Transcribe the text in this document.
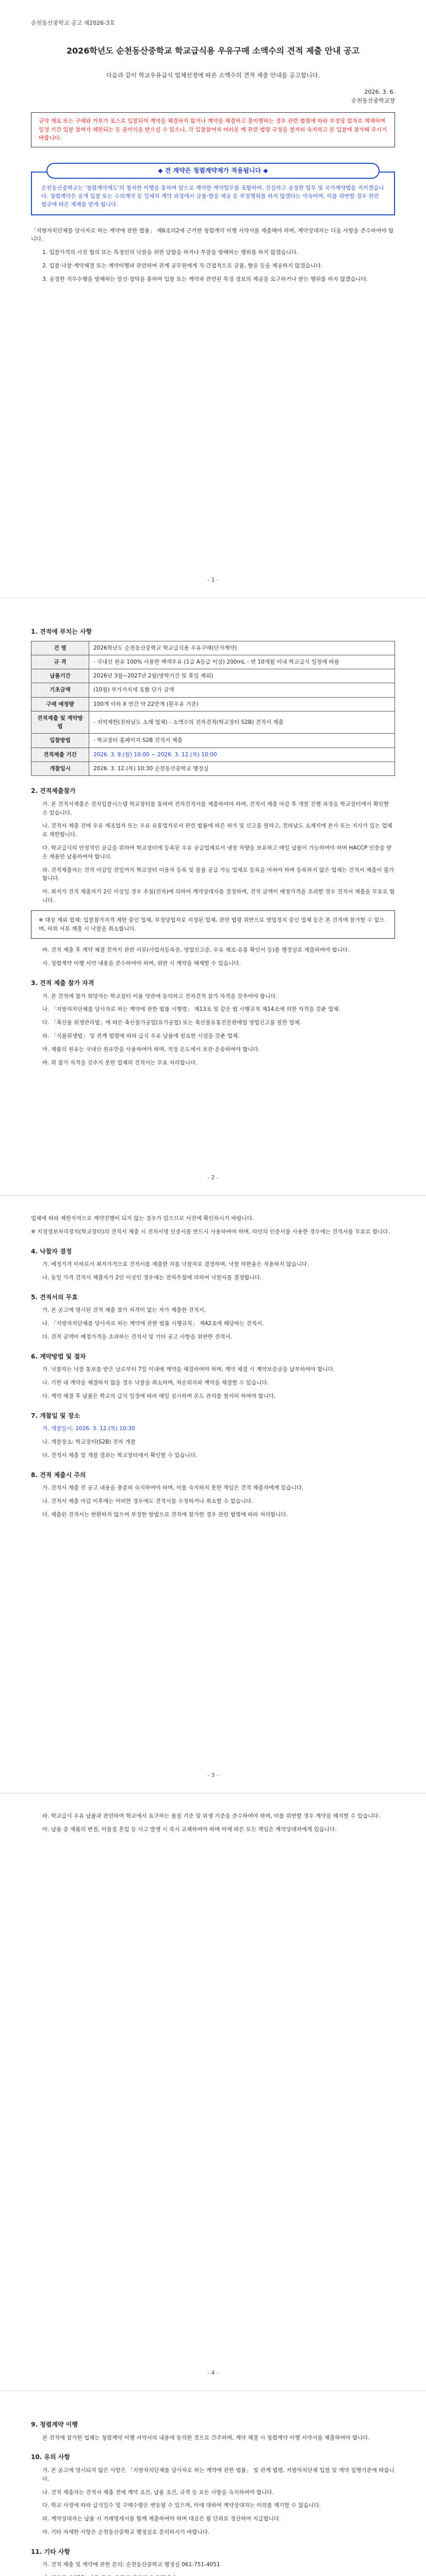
순천동산중학교 공고 제2026-3호
2026학년도 순천동산중학교 학교급식용 우유구매 소액수의 견적 제출 안내 공고
다음과 같이 학교우유급식 업체선정에 따른 소액수의 견적 제출 안내를 공고합니다.
2026. 3. 6.
순천동산중학교장
규약 재요 또는 구매와 거부가 포스로 입찰되어 계약을 체결하지 않거나 계약을 체결하고 불이행하는 경우 관련 법령에 따라 부정당 업자로 제재하며 일정 기간 입찰 참여가 제한되는 등 불이익을 받으실 수 있으니, 각 입찰참여자 여러분 께 관련 법령 규정을 철저히 숙지하고 본 입찰에 참가해 주시기 바랍니다.
◆ 견 계약은 청렴계약제가 적용됩니다 ◆
순천동산중학교는 '청렴계약제도'의 철저한 이행을 통하여 앞으로 계약한 계약업무를 포함하여, 진실하고 공정한 업무 및 국가계약법을 지키겠습니다. 청렴계약은 공개 입찰 또는 수의계약 등 일체의 계약 과정에서 금품·향응 제공 등 부정행위를 하지 않겠다는 약속이며, 이를 위반할 경우 관련 법규에 따른 제재를 받게 됩니다.

「지방자치단체를 당사자로 하는 계약에 관한 법률」 제6조의2에 근거한 청렴계약 이행 서약서를 제출해야 하며, 계약상대자는 다음 사항을 준수하여야 합니다.

1. 입찰가격의 사전 협의 또는 특정인의 낙찰을 위한 담합을 하거나 투찰을 방해하는 행위를 하지 않겠습니다.

2. 입찰·낙찰·계약체결 또는 계약이행과 관련하여 관계 공무원에게 직·간접적으로 금품, 향응 등을 제공하지 않겠습니다.

3. 공정한 직무수행을 방해하는 알선·청탁을 통하여 입찰 또는 계약과 관련된 특정 정보의 제공을 요구하거나 받는 행위를 하지 않겠습니다.

- 1 -
1. 견적에 부치는 사항
건 명	2026학년도 순천동산중학교 학교급식용 우유구매(단가계약)
규 격	- 국내산 원유 100% 사용한 백색우유 (1급 A등급 이상) 200mL - 연 10개월 이내 학교급식 일정에 따름
납품기간	2026년 3월~2027년 2월(방학기간 및 휴일 제외)
기초금액	(10월) 부가가치세 포함 단가 금액
구매 예정량	100개 이하 X 연간 약 22만개 (흰우유 기준)
견적제출 및 계약방법	- 지역제한(전라남도 소재 업체) - 소액수의 전자견적(학교장터 S2B) 견적서 제출
입찰방법	- 학교장터 홈페이지 S2B 견적서 제출
견적제출 기간	2026. 3. 9.(월) 10:00 ~ 2026. 3. 12.(목) 10:00
개찰일시	2026. 3. 12.(목) 10:30 순천동산중학교 행정실
2. 견적제출참가

가. 본 견적서제출은 전자입찰시스템 학교장터를 통하여 전자견적서를 제출하여야 하며, 견적서 제출 마감 후 개찰 진행 과정을 학교장터에서 확인할 수 있습니다.

나. 견적서 제출 전에 우유 제조업자 또는 우유 유통업자로서 관련 법률에 따른 허가 및 신고를 필하고, 전라남도 소재지에 본사 또는 지사가 있는 업체로 제한합니다.

다. 학교급식의 안정적인 공급을 위하여 학교장터에 등록된 우유 공급업체로서 냉장 차량을 보유하고 매일 납품이 가능하여야 하며 HACCP 인증을 받은 제품만 납품하여야 합니다.

라. 견적제출자는 견적 마감일 전일까지 학교장터 이용자 등록 및 물품 공급 가능 업체로 등록을 마쳐야 하며 등록하지 않은 업체는 견적서 제출이 불가합니다.

마. 최저가 견적 제출자가 2인 이상일 경우 추첨(전자)에 의하여 계약상대자를 결정하며, 견적 금액이 예정가격을 초과할 경우 견적서 제출을 무효로 합니다.

※ 대상 제외 업체: 입찰참가자격 제한 중인 업체, 부정당업자로 지정된 업체, 관련 법령 위반으로 영업정지 중인 업체 등은 본 견적에 참가할 수 없으며, 허위 서류 제출 시 낙찰을 취소합니다.

바. 견적 제출 후 계약 체결 전까지 관련 서류(사업자등록증, 영업신고증, 우유 제조·유통 확인서 등)를 행정실로 제출하여야 합니다.

사. 청렴계약 이행 서약 내용을 준수하여야 하며, 위반 시 계약을 해제할 수 있습니다.

3. 견적 제출 참가 자격

가. 본 견적에 참가 희망자는 학교장터 이용 약관에 동의하고 전자견적 참가 자격을 갖추어야 합니다.

나. 「지방자치단체를 당사자로 하는 계약에 관한 법률 시행령」 제13조 및 같은 법 시행규칙 제14조에 의한 자격을 갖춘 업체.

다. 「축산물 위생관리법」에 따른 축산물가공업(유가공업) 또는 축산물유통전문판매업 영업신고를 필한 업체.

라. 「식품위생법」 및 관계 법령에 따라 급식 우유 납품에 필요한 시설을 갖춘 업체.

마. 제품의 원유는 국내산 원유만을 사용하여야 하며, 적정 온도에서 보관·운송하여야 합니다.

바. 위 참가 자격을 갖추지 못한 업체의 견적서는 무효 처리합니다.

- 2 -

업체에 따라 제한지역으로 계약진행이 되지 않는 경우가 있으므로 사전에 확인하시기 바랍니다.

※ 지정정보처리장치(학교장터)의 견적서 제출 시 전자서명 인증서를 반드시 사용하여야 하며, 타인의 인증서를 사용한 경우에는 견적서를 무효로 합니다.

4. 낙찰자 결정

가. 예정가격 이하로서 최저가격으로 견적서를 제출한 자를 낙찰자로 결정하며, 낙찰 하한율은 적용하지 않습니다.

나. 동일 가격 견적서 제출자가 2인 이상인 경우에는 전자추첨에 의하여 낙찰자를 결정합니다.

5. 견적서의 무효

가. 본 공고에 명시된 견적 제출 참가 자격이 없는 자가 제출한 견적서.

나. 「지방자치단체를 당사자로 하는 계약에 관한 법률 시행규칙」 제42조에 해당하는 견적서.

다. 견적 금액이 예정가격을 초과하는 견적서 및 기타 공고 사항을 위반한 견적서.

6. 계약방법 및 절차

가. 낙찰자는 낙찰 통보를 받은 날로부터 7일 이내에 계약을 체결하여야 하며, 계약 체결 시 계약보증금을 납부하여야 합니다.

나. 기한 내 계약을 체결하지 않을 경우 낙찰을 취소하며, 차순위자와 계약을 체결할 수 있습니다.

다. 계약 체결 후 납품은 학교의 급식 일정에 따라 매일 실시하며 온도 관리를 철저히 하여야 합니다.

7. 개찰일 및 장소

가. 개찰일시: 2026. 3. 12.(목) 10:30

나. 개찰장소: 학교장터(S2B) 전자 개찰

다. 견적서 제출 및 개찰 결과는 학교장터에서 확인할 수 있습니다.

8. 견적 제출시 주의

가. 견적서 제출 전 공고 내용을 충분히 숙지하여야 하며, 이를 숙지하지 못한 책임은 견적 제출자에게 있습니다.

나. 견적서 제출 마감 이후에는 어떠한 경우에도 견적서를 수정하거나 취소할 수 없습니다.

다. 제출된 견적서는 반환하지 않으며 부정한 방법으로 견적에 참가한 경우 관련 법령에 따라 처리합니다.

- 3 -

라. 학교급식 우유 납품과 관련하여 학교에서 요구하는 품질 기준 및 위생 기준을 준수하여야 하며, 이를 위반할 경우 계약을 해지할 수 있습니다.

마. 납품 중 제품의 변질, 이물질 혼입 등 사고 발생 시 즉시 교체하여야 하며 이에 따른 모든 책임은 계약상대자에게 있습니다.

- 4 -
9. 청렴계약 이행

본 견적에 참가한 업체는 청렴계약 이행 서약서의 내용에 동의한 것으로 간주하며, 계약 체결 시 청렴계약 이행 서약서를 제출하여야 합니다.

10. 유의 사항

가. 본 공고에 명시되지 않은 사항은 「지방자치단체를 당사자로 하는 계약에 관한 법률」 및 관계 법령, 지방자치단체 입찰 및 계약 집행기준에 따릅니다.

나. 견적 제출자는 견적서 제출 전에 계약 조건, 납품 조건, 규격 등 모든 사항을 숙지하여야 합니다.

다. 학교 사정에 따라 급식일수 및 구매수량은 변동될 수 있으며, 이에 대하여 계약상대자는 이의를 제기할 수 없습니다.

라. 계약상대자는 납품 시 거래명세서를 함께 제출하여야 하며 대금은 월 단위로 정산하여 지급합니다.

마. 기타 자세한 사항은 순천동산중학교 행정실로 문의하시기 바랍니다.

11. 기타 사항

가. 견적 제출 및 계약에 관한 문의: 순천동산중학교 행정실 061-751-4051
